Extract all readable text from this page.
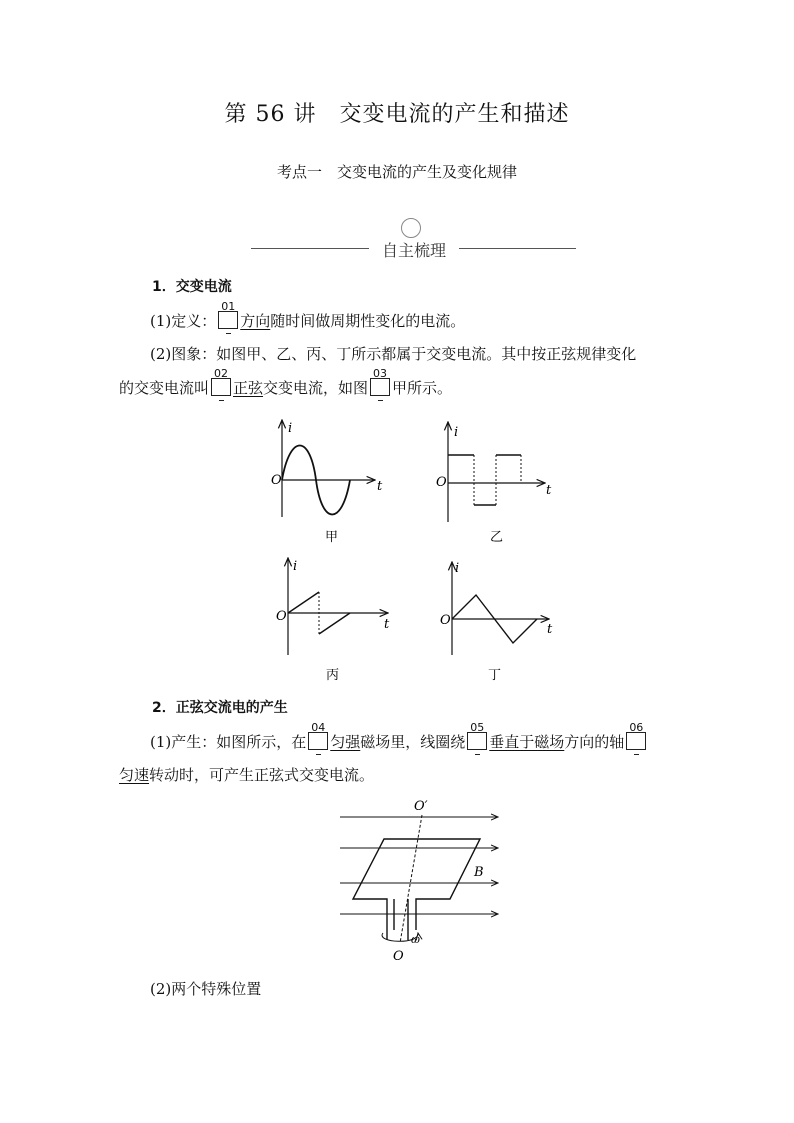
第 56 讲　交变电流的产生和描述
考点一　交变电流的产生及变化规律
自主梳理
1．交变电流
(1)定义：
01
方向随时间做周期性变化的电流。
(2)图象：如图甲、乙、丙、丁所示都属于交变电流。其中按正弦规律变化
的交变电流叫
02
正弦交变电流，如图
03
甲所示。
i
O	t
甲
i
O
t
乙
i
O
t
丙
i
O
t
丁
2．正弦交流电的产生
(1)产生：如图所示，在
04
匀强磁场里，线圈绕
05
垂直于磁场方向的轴
06
匀速转动时，可产生正弦式交变电流。
O′
O
B
ω
(2)两个特殊位置
